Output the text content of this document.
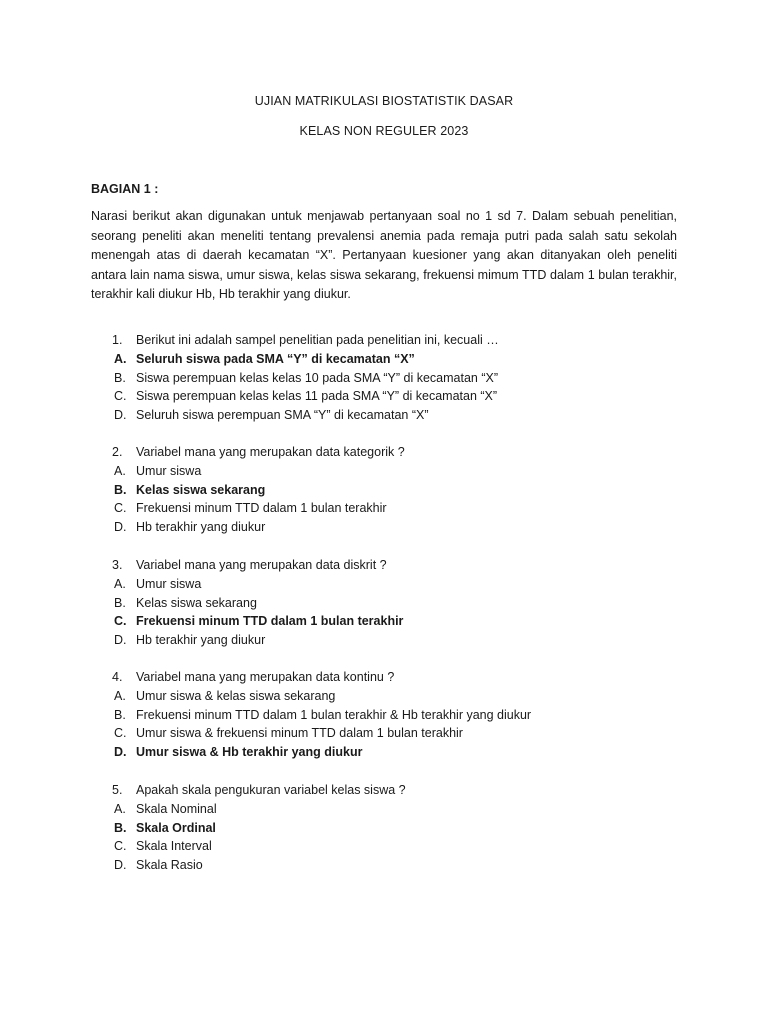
UJIAN MATRIKULASI BIOSTATISTIK DASAR
KELAS NON REGULER 2023
BAGIAN 1 :
Narasi berikut akan digunakan untuk menjawab pertanyaan soal no 1 sd 7. Dalam sebuah penelitian,
seorang peneliti akan meneliti tentang prevalensi anemia pada remaja putri pada salah satu sekolah
menengah atas di daerah kecamatan “X”. Pertanyaan kuesioner yang akan ditanyakan oleh peneliti
antara lain nama siswa, umur siswa, kelas siswa sekarang, frekuensi mimum TTD dalam 1 bulan terakhir,
terakhir kali diukur Hb, Hb terakhir yang diukur.
1. Berikut ini adalah sampel penelitian pada penelitian ini, kecuali …
A. Seluruh siswa pada SMA “Y” di kecamatan “X”
B. Siswa perempuan kelas kelas 10 pada SMA “Y” di kecamatan “X”
C. Siswa perempuan kelas kelas 11 pada SMA “Y” di kecamatan “X”
D. Seluruh siswa perempuan SMA “Y” di kecamatan “X”
2. Variabel mana yang merupakan data kategorik ?
A. Umur siswa
B. Kelas siswa sekarang
C. Frekuensi minum TTD dalam 1 bulan terakhir
D. Hb terakhir yang diukur
3. Variabel mana yang merupakan data diskrit ?
A. Umur siswa
B. Kelas siswa sekarang
C. Frekuensi minum TTD dalam 1 bulan terakhir
D. Hb terakhir yang diukur
4. Variabel mana yang merupakan data kontinu ?
A. Umur siswa & kelas siswa sekarang
B. Frekuensi minum TTD dalam 1 bulan terakhir & Hb terakhir yang diukur
C. Umur siswa & frekuensi minum TTD dalam 1 bulan terakhir
D. Umur siswa & Hb terakhir yang diukur
5. Apakah skala pengukuran variabel kelas siswa ?
A. Skala Nominal
B. Skala Ordinal
C. Skala Interval
D. Skala Rasio
